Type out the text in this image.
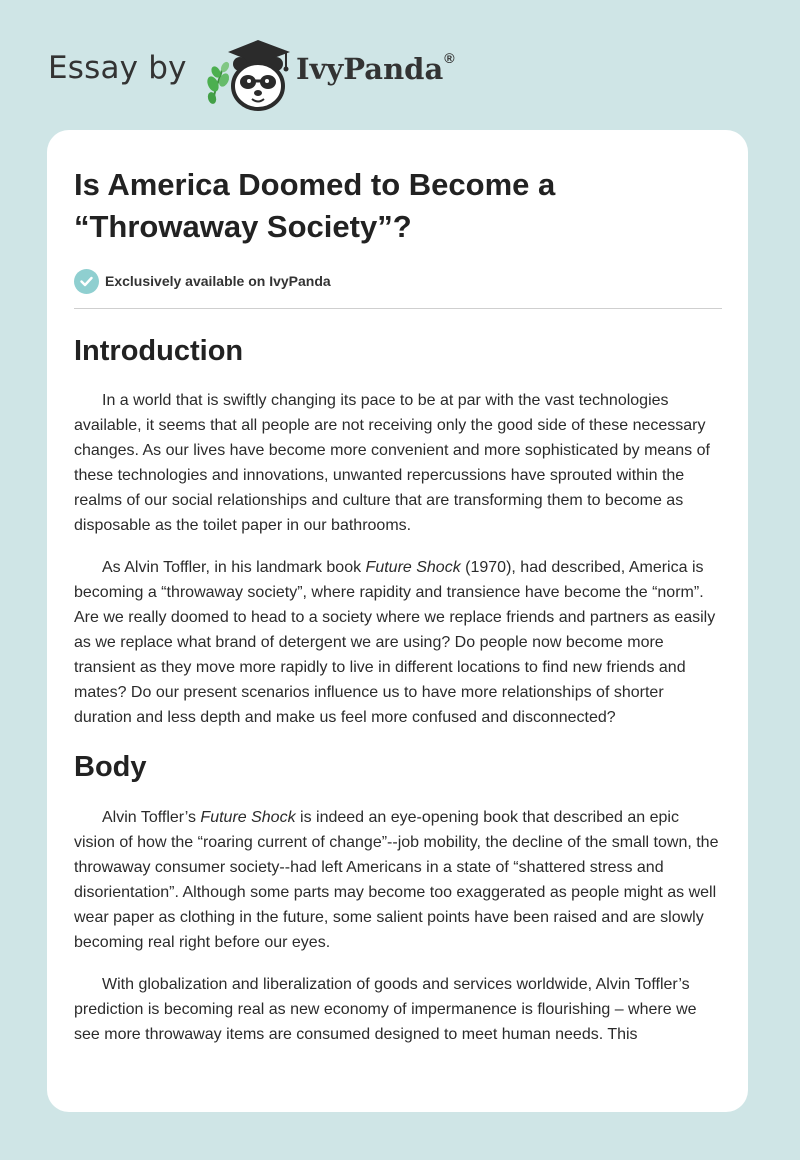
Essay by	IvyPanda®
Is America Doomed to Become a
“Throwaway Society”?
Exclusively available on IvyPanda
Introduction

In a world that is swiftly changing its pace to be at par with the vast technologies available, it seems that all people are not receiving only the good side of these necessary changes. As our lives have become more convenient and more sophisticated by means of these technologies and innovations, unwanted repercussions have sprouted within the realms of our social relationships and culture that are transforming them to become as disposable as the toilet paper in our bathrooms.

As Alvin Toffler, in his landmark book Future Shock (1970), had described, America is becoming a “throwaway society”, where rapidity and transience have become the “norm”. Are we really doomed to head to a society where we replace friends and partners as easily as we replace what brand of detergent we are using? Do people now become more transient as they move more rapidly to live in different locations to find new friends and mates? Do our present scenarios influence us to have more relationships of shorter duration and less depth and make us feel more confused and disconnected?

Body

Alvin Toffler’s Future Shock is indeed an eye-opening book that described an epic vision of how the “roaring current of change”--job mobility, the decline of the small town, the throwaway consumer society--had left Americans in a state of “shattered stress and disorientation”. Although some parts may become too exaggerated as people might as well wear paper as clothing in the future, some salient points have been raised and are slowly becoming real right before our eyes.

With globalization and liberalization of goods and services worldwide, Alvin Toffler’s prediction is becoming real as new economy of impermanence is flourishing – where we see more throwaway items are consumed designed to meet human needs. This
